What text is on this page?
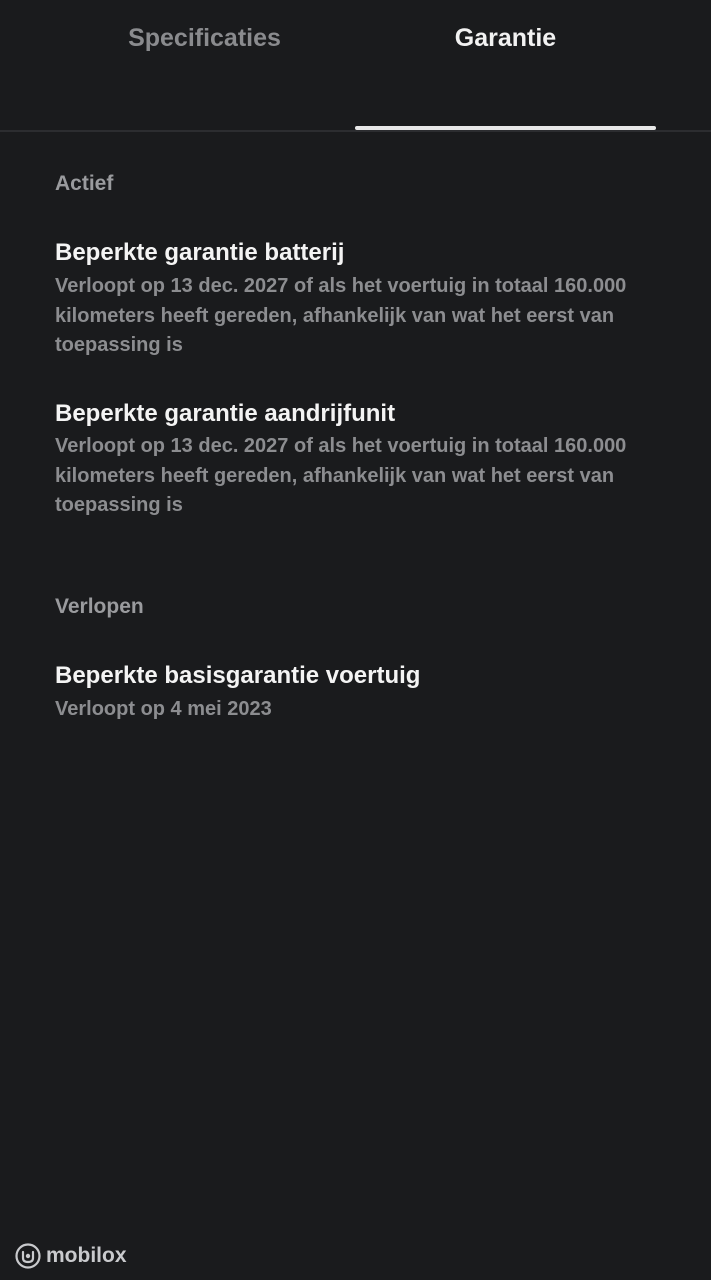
Specificaties	Garantie
Actief
Beperkte garantie batterij
Verloopt op 13 dec. 2027 of als het voertuig in totaal 160.000 kilometers heeft gereden, afhankelijk van wat het eerst van toepassing is
Beperkte garantie aandrijfunit
Verloopt op 13 dec. 2027 of als het voertuig in totaal 160.000 kilometers heeft gereden, afhankelijk van wat het eerst van toepassing is
Verlopen
Beperkte basisgarantie voertuig
Verloopt op 4 mei 2023
mobilox
